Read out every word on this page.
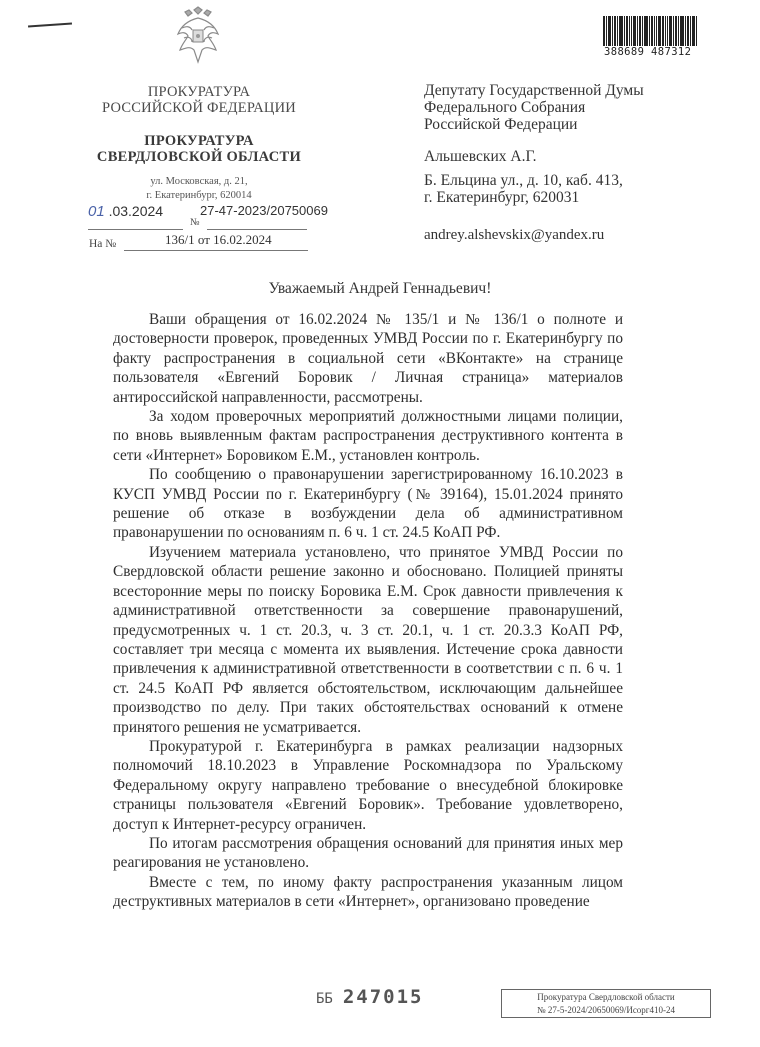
ПРОКУРАТУРА
РОССИЙСКОЙ ФЕДЕРАЦИИ
ПРОКУРАТУРА
СВЕРДЛОВСКОЙ ОБЛАСТИ
ул. Московская, д. 21,
г. Екатеринбург, 620014
01 .03.2024	27-47-2023/20750069
№
На №	136/1 от 16.02.2024
388689 487312
Депутату Государственной Думы
Федерального Собрания
Российской Федерации
Альшевских А.Г.
Б. Ельцина ул., д. 10, каб. 413,
г. Екатеринбург, 620031
andrey.alshevskix@yandex.ru
Уважаемый Андрей Геннадьевич!

Ваши обращения от 16.02.2024 № 135/1 и № 136/1 о полноте и достоверности проверок, проведенных УМВД России по г. Екатеринбургу по факту распространения в социальной сети «ВКонтакте» на странице пользователя «Евгений Боровик / Личная страница» материалов антироссийской направленности, рассмотрены.

За ходом проверочных мероприятий должностными лицами полиции, по вновь выявленным фактам распространения деструктивного контента в сети «Интернет» Боровиком Е.М., установлен контроль.

По сообщению о правонарушении зарегистрированному 16.10.2023 в КУСП УМВД России по г. Екатеринбургу (№ 39164), 15.01.2024 принято решение об отказе в возбуждении дела об административном правонарушении по основаниям п. 6 ч. 1 ст. 24.5 КоАП РФ.

Изучением материала установлено, что принятое УМВД России по Свердловской области решение законно и обосновано. Полицией приняты всесторонние меры по поиску Боровика Е.М. Срок давности привлечения к административной ответственности за совершение правонарушений, предусмотренных ч. 1 ст. 20.3, ч. 3 ст. 20.1, ч. 1 ст. 20.3.3 КоАП РФ, составляет три месяца с момента их выявления. Истечение срока давности привлечения к административной ответственности в соответствии с п. 6 ч. 1 ст. 24.5 КоАП РФ является обстоятельством, исключающим дальнейшее производство по делу. При таких обстоятельствах оснований к отмене принятого решения не усматривается.

Прокуратурой г. Екатеринбурга в рамках реализации надзорных полномочий 18.10.2023 в Управление Роскомнадзора по Уральскому Федеральному округу направлено требование о внесудебной блокировке страницы пользователя «Евгений Боровик». Требование удовлетворено, доступ к Интернет-ресурсу ограничен.

По итогам рассмотрения обращения оснований для принятия иных мер реагирования не установлено.

Вместе с тем, по иному факту распространения указанным лицом деструктивных материалов в сети «Интернет», организовано проведение

ББ 247015	Прокуратура Свердловской области
№ 27-5-2024/20650069/Исорг410-24
